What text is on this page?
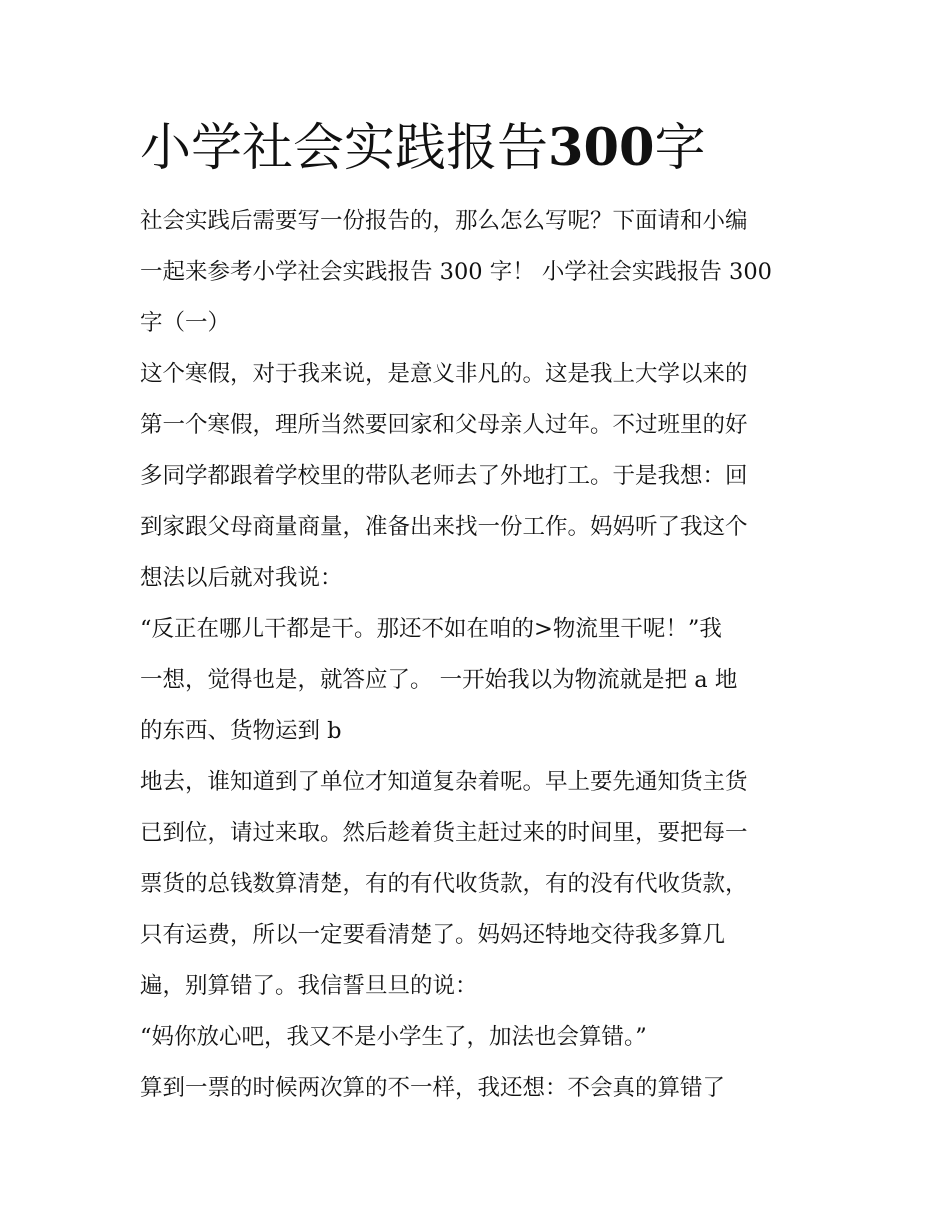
小学社会实践报告300字
社会实践后需要写一份报告的，那么怎么写呢？下面请和小编
一起来参考小学社会实践报告 300 字！ 小学社会实践报告 300
字（一）
这个寒假，对于我来说，是意义非凡的。这是我上大学以来的
第一个寒假，理所当然要回家和父母亲人过年。不过班里的好
多同学都跟着学校里的带队老师去了外地打工。于是我想：回
到家跟父母商量商量，准备出来找一份工作。妈妈听了我这个
想法以后就对我说：
“反正在哪儿干都是干。那还不如在咱的>物流里干呢！”我
一想，觉得也是，就答应了。 一开始我以为物流就是把 a 地
的东西、货物运到 b
地去，谁知道到了单位才知道复杂着呢。早上要先通知货主货
已到位，请过来取。然后趁着货主赶过来的时间里，要把每一
票货的总钱数算清楚，有的有代收货款，有的没有代收货款，
只有运费，所以一定要看清楚了。妈妈还特地交待我多算几
遍，别算错了。我信誓旦旦的说：
“妈你放心吧，我又不是小学生了，加法也会算错。”
算到一票的时候两次算的不一样，我还想：不会真的算错了
